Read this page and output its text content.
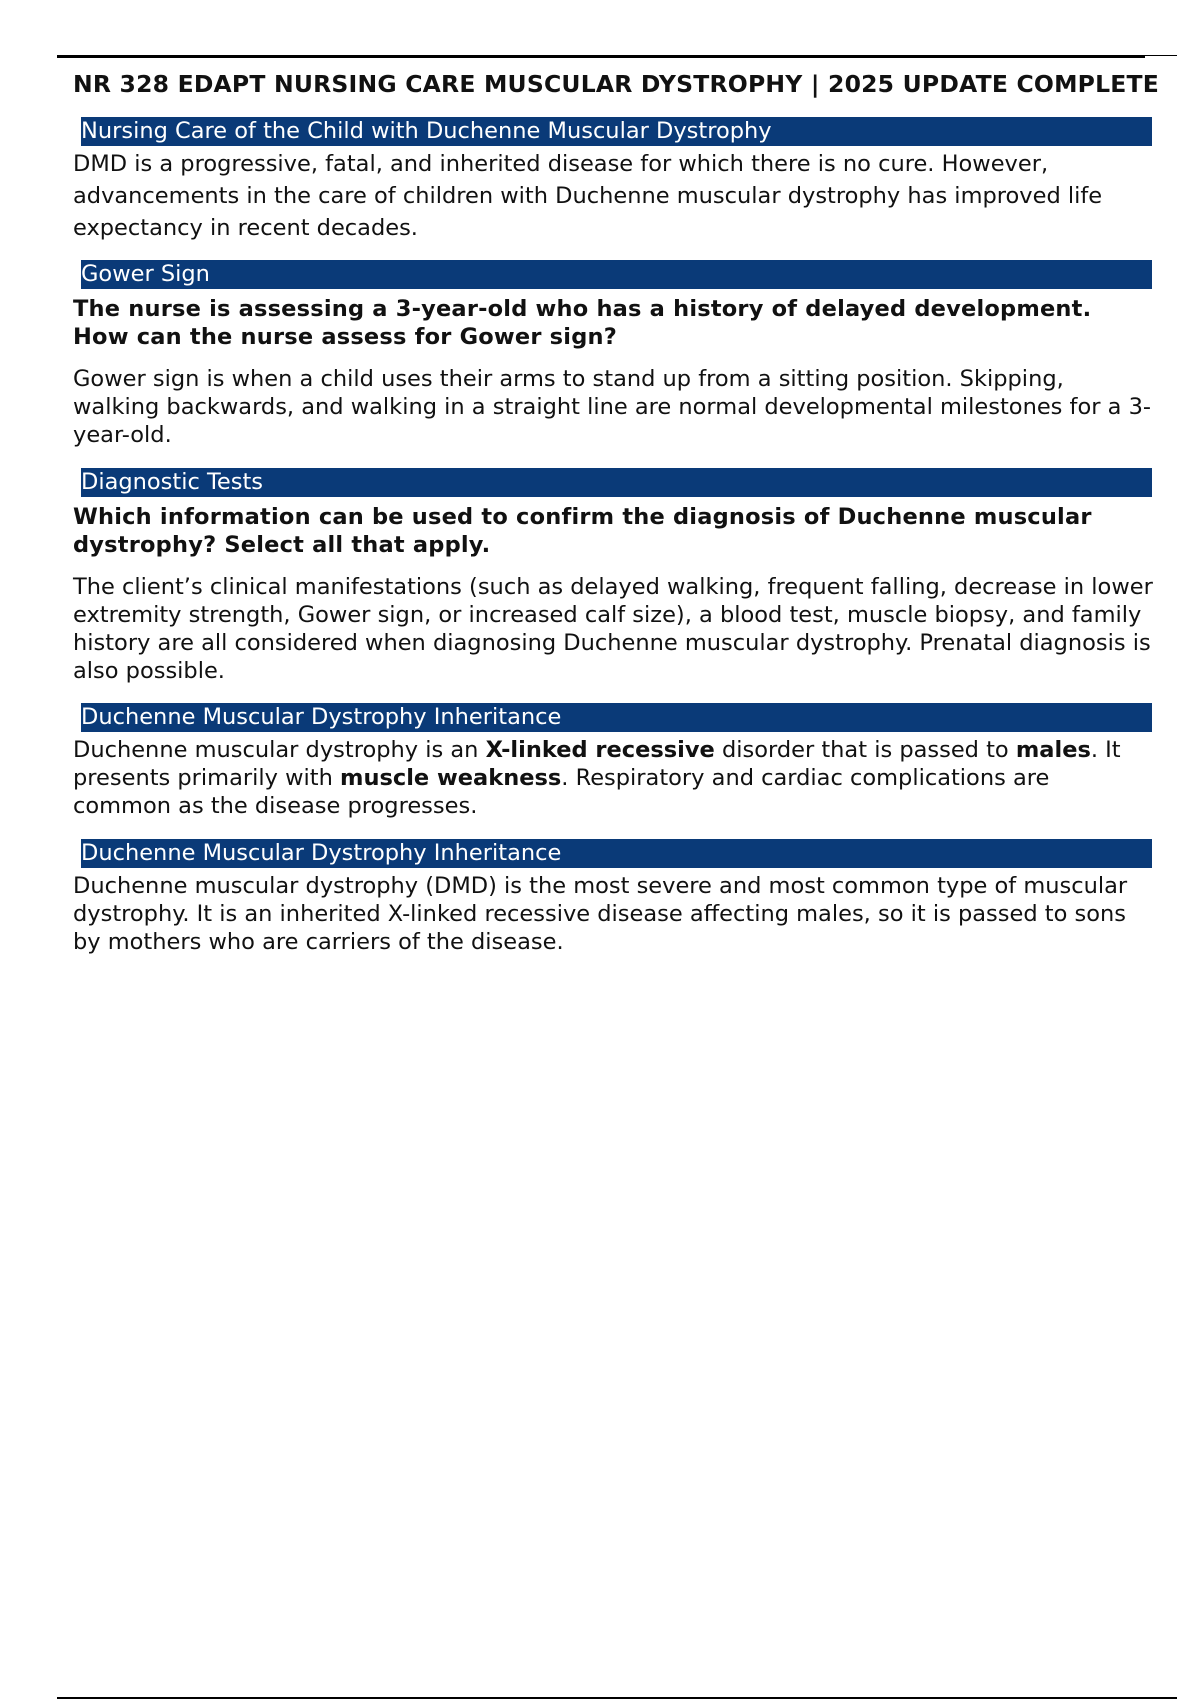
NR 328 EDAPT NURSING CARE MUSCULAR DYSTROPHY | 2025 UPDATE COMPLETE
Nursing Care of the Child with Duchenne Muscular Dystrophy

DMD is a progressive, fatal, and inherited disease for which there is no cure. However, advancements in the care of children with Duchenne muscular dystrophy has improved life expectancy in recent decades.

Gower Sign

The nurse is assessing a 3-year-old who has a history of delayed development. How can the nurse assess for Gower sign?

Gower sign is when a child uses their arms to stand up from a sitting position. Skipping, walking backwards, and walking in a straight line are normal developmental milestones for a 3-year-old.

Diagnostic Tests

Which information can be used to confirm the diagnosis of Duchenne muscular dystrophy? Select all that apply.

The client’s clinical manifestations (such as delayed walking, frequent falling, decrease in lower extremity strength, Gower sign, or increased calf size), a blood test, muscle biopsy, and family history are all considered when diagnosing Duchenne muscular dystrophy. Prenatal diagnosis is also possible.

Duchenne Muscular Dystrophy Inheritance

Duchenne muscular dystrophy is an X-linked recessive disorder that is passed to males. It presents primarily with muscle weakness. Respiratory and cardiac complications are common as the disease progresses.

Duchenne Muscular Dystrophy Inheritance

Duchenne muscular dystrophy (DMD) is the most severe and most common type of muscular dystrophy. It is an inherited X-linked recessive disease affecting males, so it is passed to sons by mothers who are carriers of the disease.
